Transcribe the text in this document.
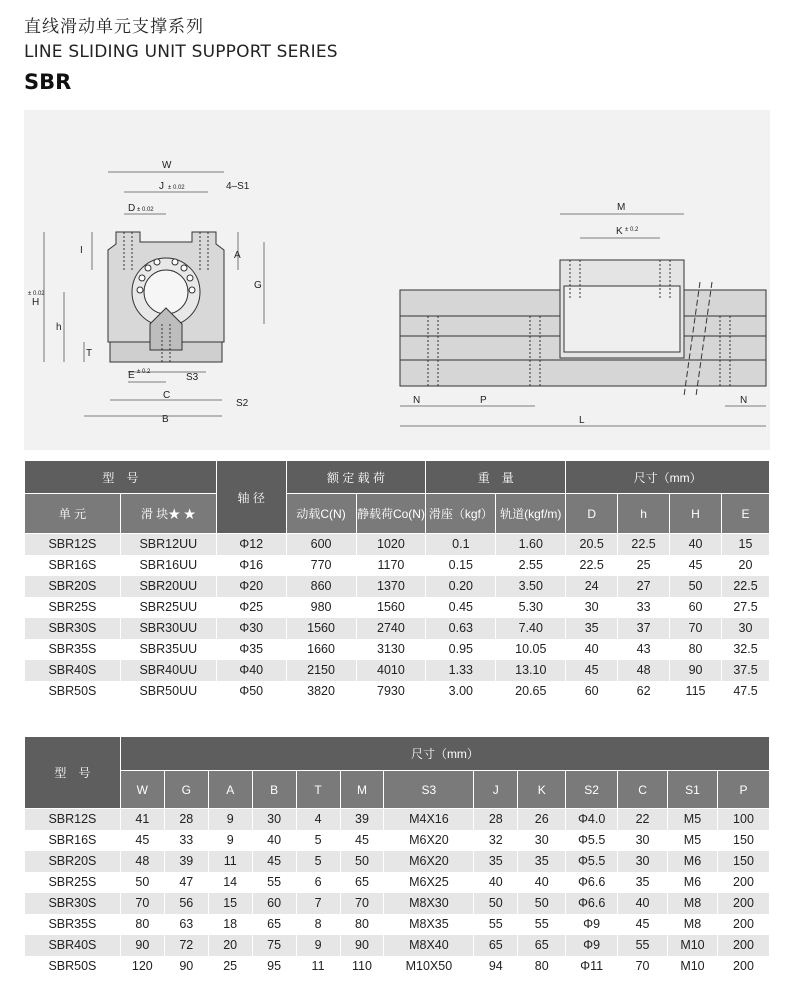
直线滑动单元支撑系列
LINE SLIDING UNIT SUPPORT SERIES
SBR
W
J ± 0.02
D ± 0.02
4–S1
I	A
G
H
± 0.02
h
T
E ± 0.2	S3
C
S2
B
M
K ± 0.2
N	P	N
L
型　号		轴 径	额 定 载 荷		重　量		尺寸（mm）			
单 元	滑 块★ ★		动载C(N)	静载荷Co(N)	滑座（kgf）	轨道(kgf/m)	D	h	H	E
SBR12S	SBR12UU	Φ12	600	1020	0.1	1.60	20.5	22.5	40	15
SBR16S	SBR16UU	Φ16	770	1170	0.15	2.55	22.5	25	45	20
SBR20S	SBR20UU	Φ20	860	1370	0.20	3.50	24	27	50	22.5
SBR25S	SBR25UU	Φ25	980	1560	0.45	5.30	30	33	60	27.5
SBR30S	SBR30UU	Φ30	1560	2740	0.63	7.40	35	37	70	30
SBR35S	SBR35UU	Φ35	1660	3130	0.95	10.05	40	43	80	32.5
SBR40S	SBR40UU	Φ40	2150	4010	1.33	13.10	45	48	90	37.5
SBR50S	SBR50UU	Φ50	3820	7930	3.00	20.65	60	62	115	47.5
型　号	尺寸（mm）												
	W	G	A	B	T	M	S3	J	K	S2	C	S1	P
SBR12S	41	28	9	30	4	39	M4X16	28	26	Φ4.0	22	M5	100
SBR16S	45	33	9	40	5	45	M6X20	32	30	Φ5.5	30	M5	150
SBR20S	48	39	11	45	5	50	M6X20	35	35	Φ5.5	30	M6	150
SBR25S	50	47	14	55	6	65	M6X25	40	40	Φ6.6	35	M6	200
SBR30S	70	56	15	60	7	70	M8X30	50	50	Φ6.6	40	M8	200
SBR35S	80	63	18	65	8	80	M8X35	55	55	Φ9	45	M8	200
SBR40S	90	72	20	75	9	90	M8X40	65	65	Φ9	55	M10	200
SBR50S	120	90	25	95	11	110	M10X50	94	80	Φ11	70	M10	200
